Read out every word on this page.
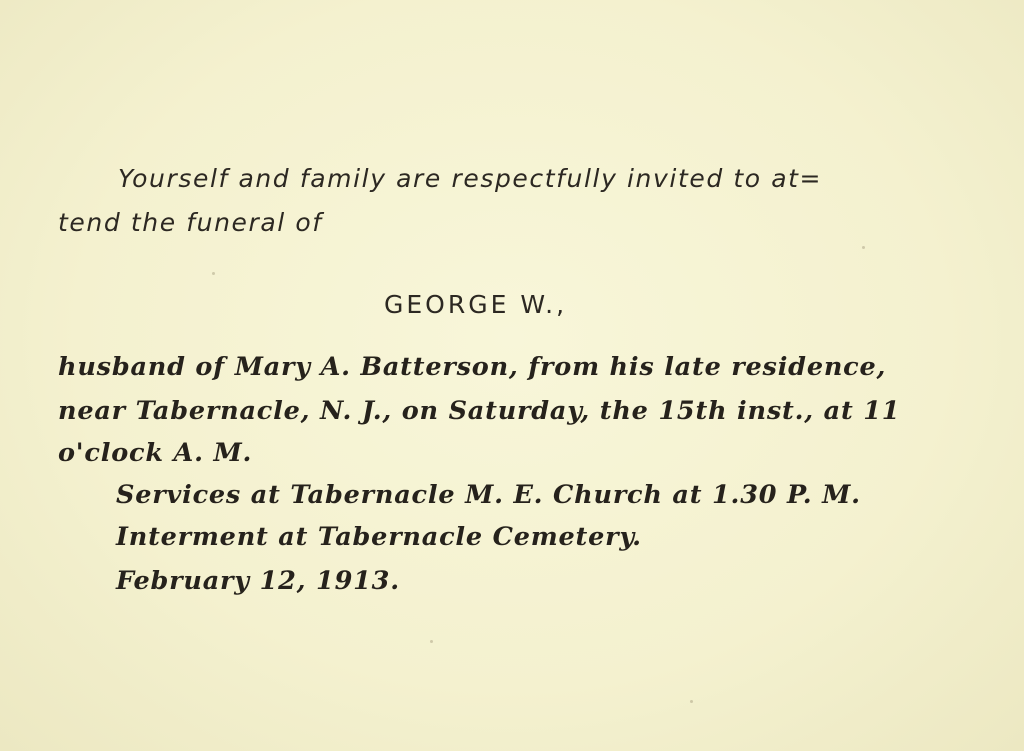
Yourself and family are respectfully invited to at=
tend the funeral of
GEORGE W.,
husband of Mary A. Batterson, from his late residence,
near Tabernacle, N. J., on Saturday, the 15th inst., at 11
o'clock A. M.
Services at Tabernacle M. E. Church at 1.30 P. M.
Interment at Tabernacle Cemetery.
February 12, 1913.
